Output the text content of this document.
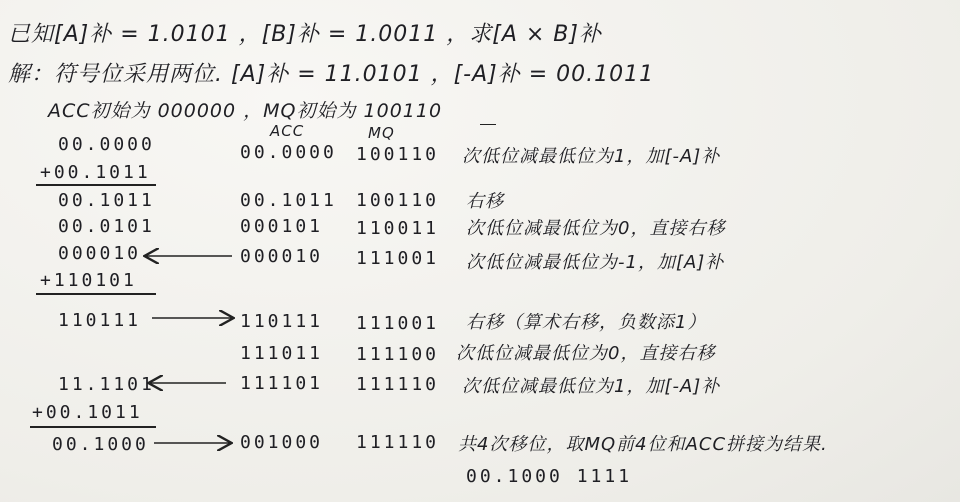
已知[A]补 = 1.0101 ，[B]补 = 1.0011 ，求[A × B]补
解：符号位采用两位. [A]补 = 11.0101 ，[-A]补 = 00.1011
ACC初始为 000000 ，MQ初始为 100110
ACC	MQ
00.0000
+00.1011
00.1011
00.0101
000010
+110101
110111
11.1101
+00.1011
00.1000
00.0000
00.1011
000101
000010
110111
111011
111101
001000
100110
100110
110011
111001
111001
111100
111110
111110
次低位减最低位为1，加[-A]补
右移
次低位减最低位为0，直接右移
次低位减最低位为-1，加[A]补
右移（算术右移，负数添1）
次低位减最低位为0，直接右移
次低位减最低位为1，加[-A]补
共4次移位，取MQ前4位和ACC拼接为结果.
00.1000 1111
